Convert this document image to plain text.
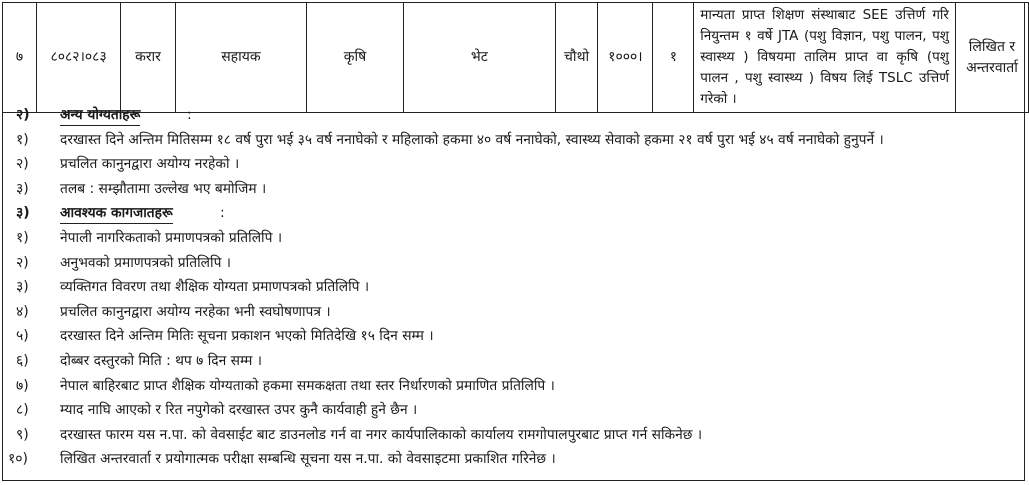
७	८०८२।०८३	करार	सहायक	कृषि	भेट	चौथो	१०००।	१	मान्यता प्राप्त शिक्षण संस्थाबाट SEE उत्तिर्ण गरि नियुन्तम १ वर्षे JTA (पशु विज्ञान, पशु पालन, पशु स्वास्थ्य ) विषयमा तालिम प्राप्त वा कृषि (पशु पालन , पशु स्वास्थ्य ) विषय लिई TSLC उत्तिर्ण गरेको ।	लिखित र अन्तरवार्ता
२) अन्य योग्यताहरू	:
१) दरखास्त दिने अन्तिम मितिसम्म १८ वर्ष पुरा भई ३५ वर्ष ननाघेको र महिलाको हकमा ४० वर्ष ननाघेको, स्वास्थ्य सेवाको हकमा २१ वर्ष पुरा भई ४५ वर्ष ननाघेको हुनुपर्ने ।
२) प्रचलित कानुनद्वारा अयोग्य नरहेको ।
३) तलब : सम्झौतामा उल्लेख भए बमोजिम ।
३) आवश्यक कागजातहरू	:
१) नेपाली नागरिकताको प्रमाणपत्रको प्रतिलिपि ।
२) अनुभवको प्रमाणपत्रको प्रतिलिपि ।
३) व्यक्तिगत विवरण तथा शैक्षिक योग्यता प्रमाणपत्रको प्रतिलिपि ।
४) प्रचलित कानुनद्वारा अयोग्य नरहेका भनी स्वघोषणापत्र ।
५) दरखास्त दिने अन्तिम मितिः सूचना प्रकाशन भएको मितिदेखि १५ दिन सम्म ।
६) दोब्बर दस्तुरको मिति : थप ७ दिन सम्म ।
७) नेपाल बाहिरबाट प्राप्त शैक्षिक योग्यताको हकमा समकक्षता तथा स्तर निर्धारणको प्रमाणित प्रतिलिपि ।
८) म्याद नाघि आएको र रित नपुगेको दरखास्त उपर कुनै कार्यवाही हुने छैन ।
९) दरखास्त फारम यस न.पा. को वेवसाईट बाट डाउनलोड गर्न वा नगर कार्यपालिकाको कार्यालय रामगोपालपुरबाट प्राप्त गर्न सकिनेछ ।
१०) लिखित अन्तरवार्ता र प्रयोगात्मक परीक्षा सम्बन्धि सूचना यस न.पा. को वेवसाइटमा प्रकाशित गरिनेछ ।
